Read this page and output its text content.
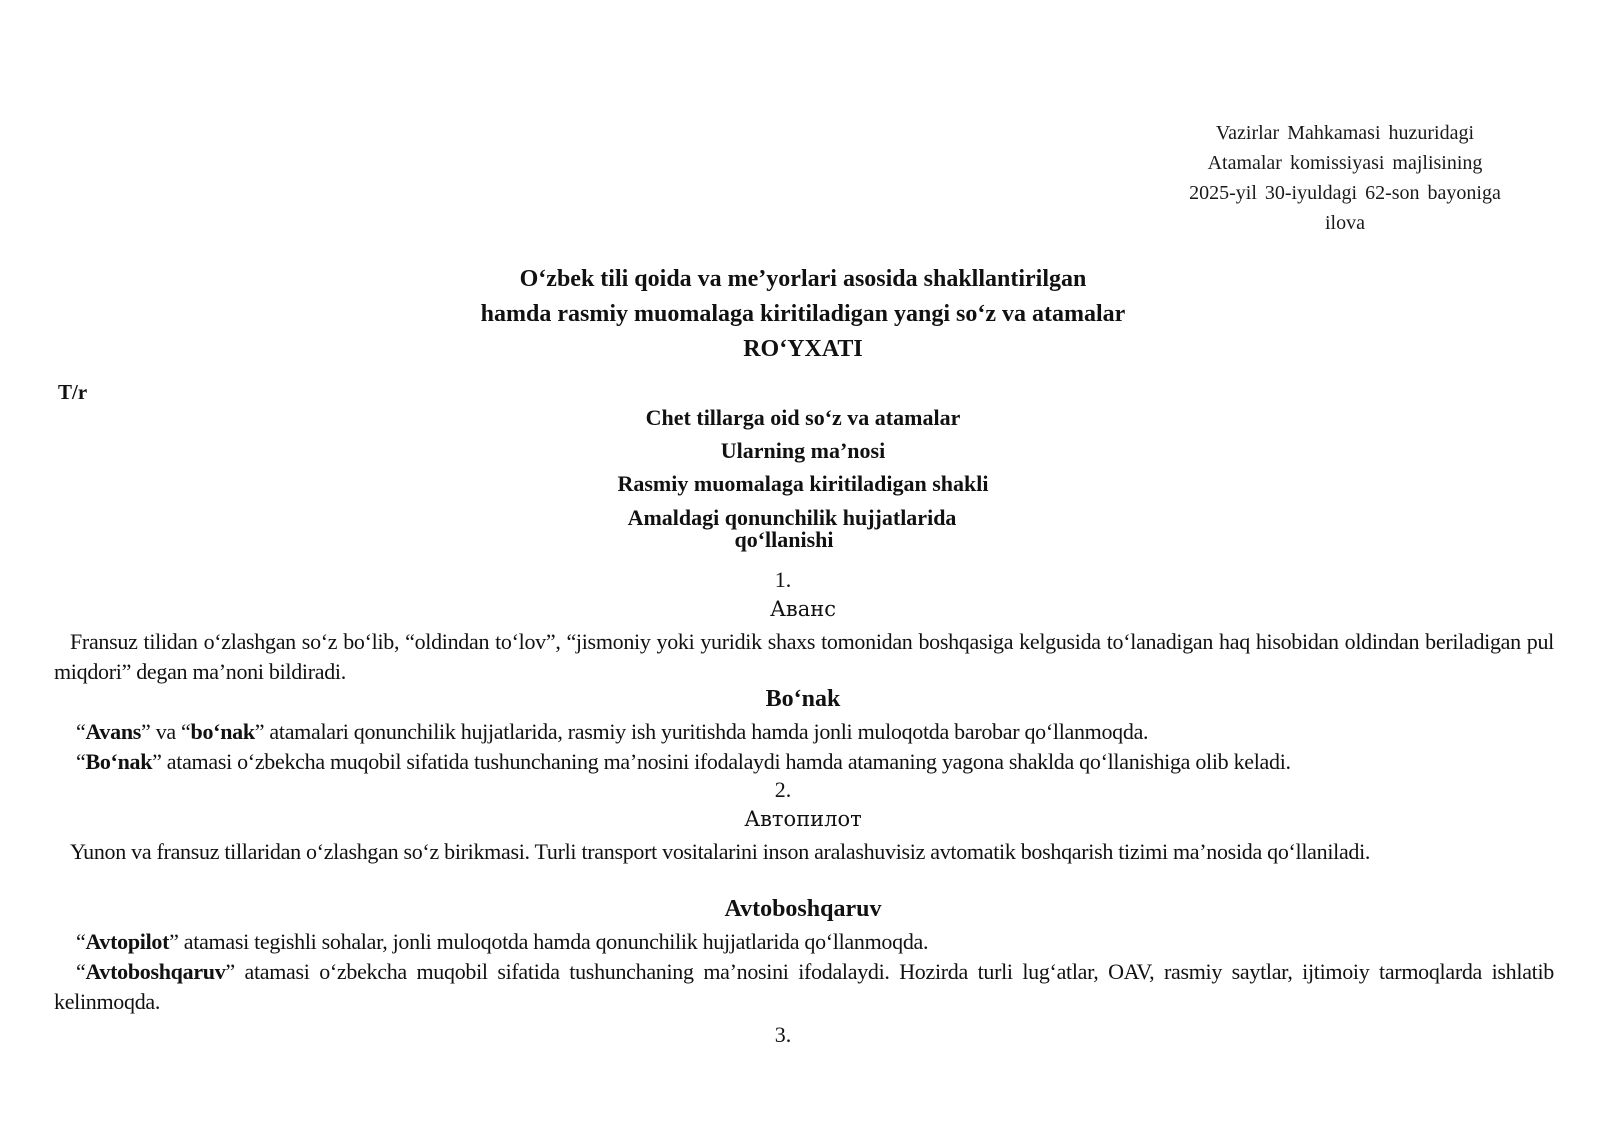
Vazirlar Mahkamasi huzuridagi
Atamalar komissiyasi majlisining
2025-yil 30-iyuldagi 62-son bayoniga
ilova
O‘zbek tili qoida va me’yorlari asosida shakllantirilgan
hamda rasmiy muomalaga kiritiladigan yangi so‘z va atamalar
RO‘YXATI
T/r
Chet tillarga oid so‘z va atamalar
Ularning ma’nosi
Rasmiy muomalaga kiritiladigan shakli
Amaldagi qonunchilik hujjatlarida
qo‘llanishi
1.
Аванс
Fransuz tilidan o‘zlashgan so‘z bo‘lib, “oldindan to‘lov”, “jismoniy yoki yuridik shaxs tomonidan boshqasiga kelgusida to‘lanadigan haq hisobidan oldindan beriladigan pul miqdori” degan ma’noni bildiradi.
Bo‘nak
“Avans” va “bo‘nak” atamalari qonunchilik hujjatlarida, rasmiy ish yuritishda hamda jonli muloqotda barobar qo‘llanmoqda.
“Bo‘nak” atamasi o‘zbekcha muqobil sifatida tushunchaning ma’nosini ifodalaydi hamda atamaning yagona shaklda qo‘llanishiga olib keladi.
2.
Автопилот
Yunon va fransuz tillaridan o‘zlashgan so‘z birikmasi. Turli transport vositalarini inson aralashuvisiz avtomatik boshqarish tizimi ma’nosida qo‘llaniladi.
Avtoboshqaruv
“Avtopilot” atamasi tegishli sohalar, jonli muloqotda hamda qonunchilik hujjatlarida qo‘llanmoqda.
“Avtoboshqaruv” atamasi o‘zbekcha muqobil sifatida tushunchaning ma’nosini ifodalaydi. Hozirda turli lug‘atlar, OAV, rasmiy saytlar, ijtimoiy tarmoqlarda ishlatib kelinmoqda.
3.
